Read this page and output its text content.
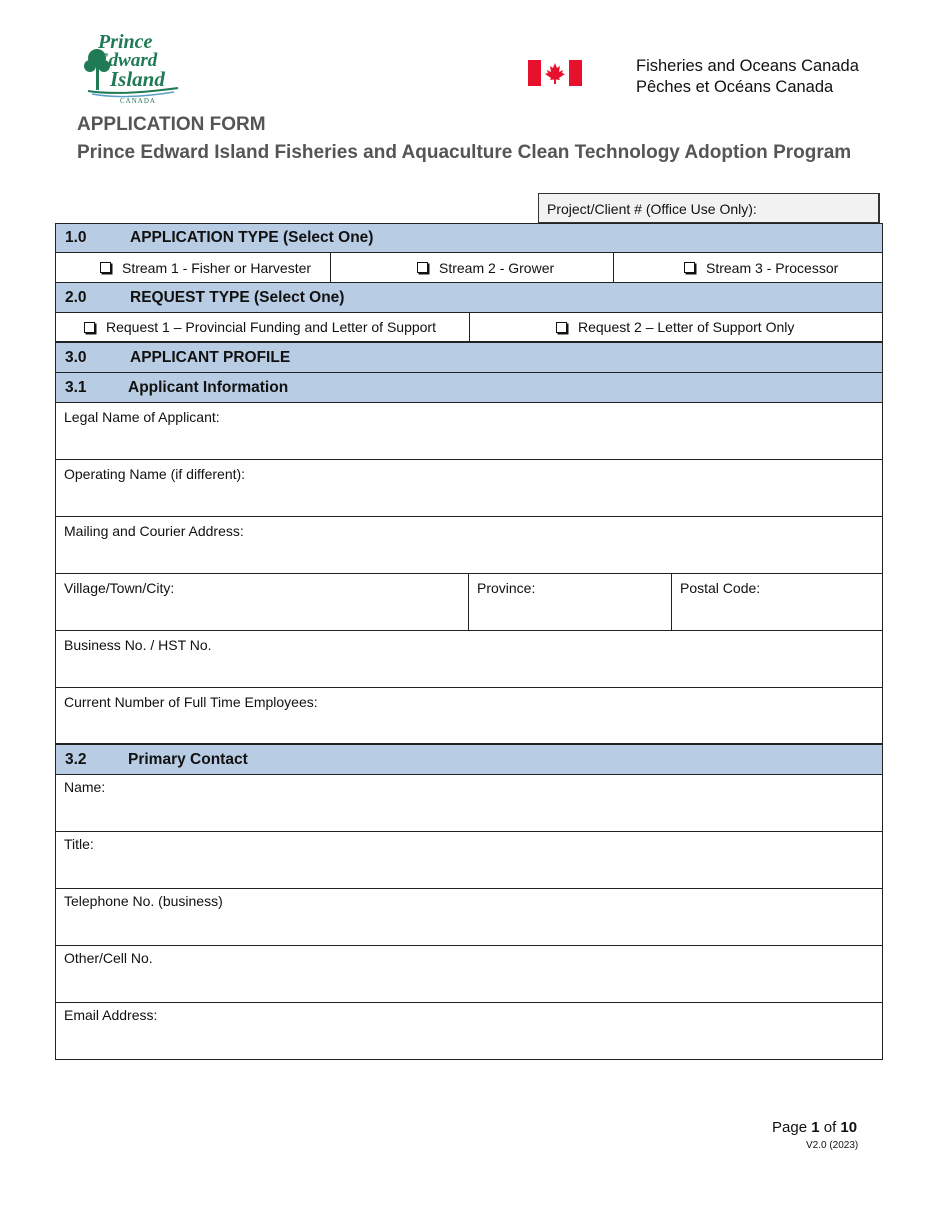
Prince
Edward
Island
CANADA
Fisheries and Oceans Canada
Pêches et Océans Canada
APPLICATION FORM
Prince Edward Island Fisheries and Aquaculture Clean Technology Adoption Program
Project/Client # (Office Use Only):
1.0	APPLICATION TYPE (Select One)
Stream 1 - Fisher or Harvester	Stream 2 - Grower	Stream 3 - Processor
2.0	REQUEST TYPE (Select One)
Request 1 – Provincial Funding and Letter of Support	Request 2 – Letter of Support Only
3.0	APPLICANT PROFILE
3.1	Applicant Information
Legal Name of Applicant:
Operating Name (if different):
Mailing and Courier Address:
Village/Town/City:	Province:	Postal Code:
Business No. / HST No.
Current Number of Full Time Employees:
3.2	Primary Contact
Name:
Title:
Telephone No. (business)
Other/Cell No.
Email Address:
Page 1 of 10
V2.0 (2023)
